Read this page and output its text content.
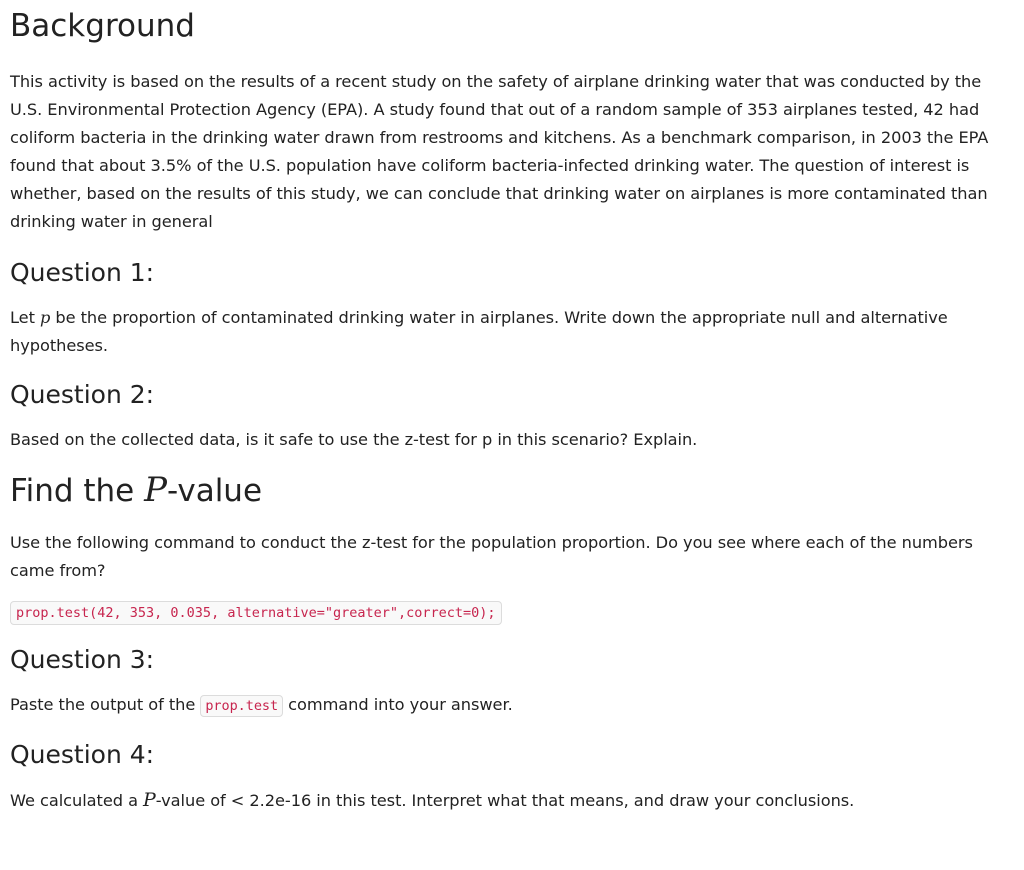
Background

This activity is based on the results of a recent study on the safety of airplane drinking water that was conducted by the U.S. Environmental Protection Agency (EPA). A study found that out of a random sample of 353 airplanes tested, 42 had coliform bacteria in the drinking water drawn from restrooms and kitchens. As a benchmark comparison, in 2003 the EPA found that about 3.5% of the U.S. population have coliform bacteria-infected drinking water. The question of interest is whether, based on the results of this study, we can conclude that drinking water on airplanes is more contaminated than drinking water in general

Question 1:

Let p be the proportion of contaminated drinking water in airplanes. Write down the appropriate null and alternative hypotheses.

Question 2:

Based on the collected data, is it safe to use the z-test for p in this scenario? Explain.

Find the P-value

Use the following command to conduct the z-test for the population proportion. Do you see where each of the numbers came from?

prop.test(42, 353, 0.035, alternative="greater",correct=0);
Question 3:

Paste the output of the prop.test command into your answer.

Question 4:

We calculated a P-value of < 2.2e-16 in this test. Interpret what that means, and draw your conclusions.
